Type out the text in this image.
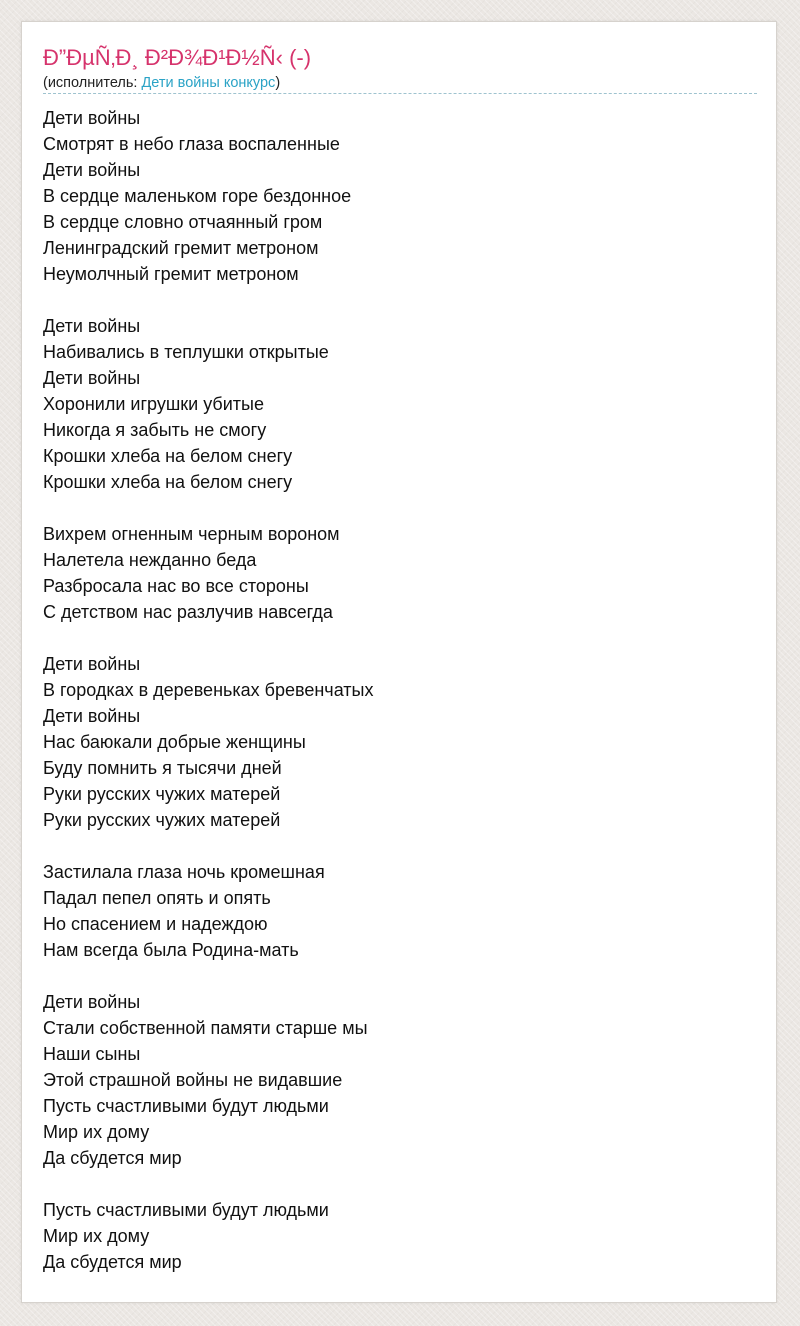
Ð”ÐµÑ‚Ð¸ Ð²Ð¾Ð¹Ð½Ñ‹ (-)
(исполнитель: Дети войны конкурс)
Дети войны
Смотрят в небо глаза воспаленные
Дети войны
В сердце маленьком горе бездонное
В сердце словно отчаянный гром
Ленинградский гремит метроном
Неумолчный гремит метроном
Дети войны
Набивались в теплушки открытые
Дети войны
Хоронили игрушки убитые
Никогда я забыть не смогу
Крошки хлеба на белом снегу
Крошки хлеба на белом снегу
Вихрем огненным черным вороном
Налетела нежданно беда
Разбросала нас во все стороны
С детством нас разлучив навсегда
Дети войны
В городках в деревеньках бревенчатых
Дети войны
Нас баюкали добрые женщины
Буду помнить я тысячи дней
Руки русских чужих матерей
Руки русских чужих матерей
Застилала глаза ночь кромешная
Падал пепел опять и опять
Но спасением и надеждою
Нам всегда была Родина-мать
Дети войны
Стали собственной памяти старше мы
Наши сыны
Этой страшной войны не видавшие
Пусть счастливыми будут людьми
Мир их дому
Да сбудется мир
Пусть счастливыми будут людьми
Мир их дому
Да сбудется мир
